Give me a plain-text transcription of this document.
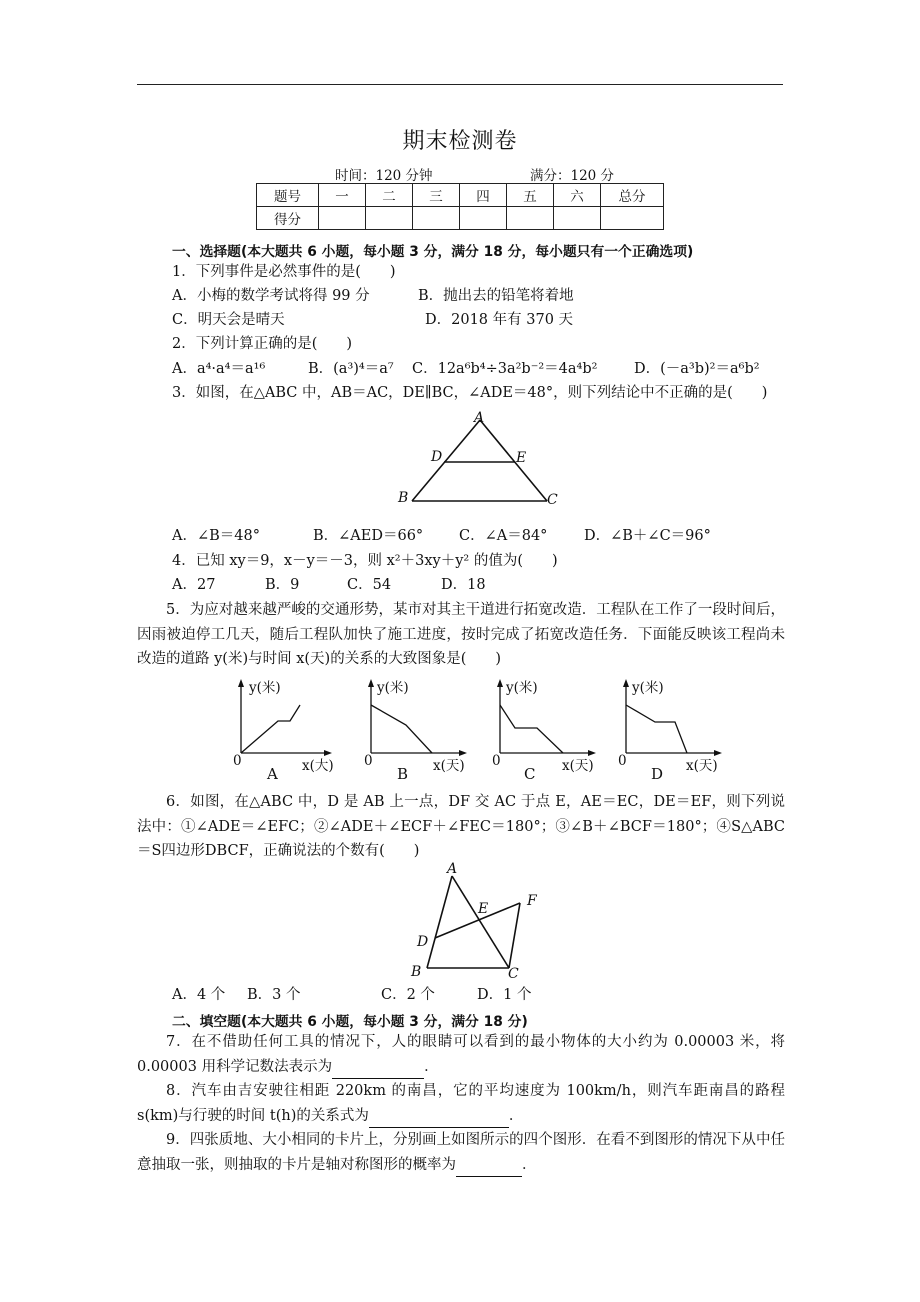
期末检测卷
时间：120 分钟	满分：120 分
题号	一	二	三	四	五	六	总分
得分							
一、选择题(本大题共 6 小题，每小题 3 分，满分 18 分，每小题只有一个正确选项)
1．下列事件是必然事件的是(　　)
A．小梅的数学考试将得 99 分	B．抛出去的铅笔将着地
C．明天会是晴天	D．2018 年有 370 天
2．下列计算正确的是(　　)
A．a⁴·a⁴＝a¹⁶	B．(a³)⁴＝a⁷ C．12a⁶b⁴÷3a²b⁻²＝4a⁴b²	D．(－a³b)²＝a⁶b²
3．如图，在△ABC 中，AB＝AC，DE∥BC，∠ADE＝48°，则下列结论中不正确的是(　　)
A
B	C
D	E
A．∠B＝48°	B．∠AED＝66° C．∠A＝84°	D．∠B＋∠C＝96°
4．已知 xy＝9，x－y＝－3，则 x²＋3xy＋y² 的值为(　　)
A．27	B．9	C．54	D．18
5．为应对越来越严峻的交通形势，某市对其主干道进行拓宽改造．工程队在工作了一段时间后，因雨被迫停工几天，随后工程队加快了施工进度，按时完成了拓宽改造任务．下面能反映该工程尚未改造的道路 y(米)与时间 x(天)的关系的大致图象是(　　)
y(米)
0	x(大)
A
y(米)
0	x(天)
B
y(米)
0	x(天)
C
y(米)
0	x(天)
D
6．如图，在△ABC 中，D 是 AB 上一点，DF 交 AC 于点 E，AE＝EC，DE＝EF，则下列说法中：①∠ADE＝∠EFC；②∠ADE＋∠ECF＋∠FEC＝180°；③∠B＋∠BCF＝180°；④S△ABC＝S四边形DBCF，正确说法的个数有(　　)
A
B	C
D
E	F
A．4 个 B．3 个	C．2 个	D．1 个
二、填空题(本大题共 6 小题，每小题 3 分，满分 18 分)
7．在不借助任何工具的情况下，人的眼睛可以看到的最小物体的大小约为 0.00003 米，将 0.00003 用科学记数法表示为	．
8．汽车由吉安驶往相距 220km 的南昌，它的平均速度为 100km/h，则汽车距南昌的路程 s(km)与行驶的时间 t(h)的关系式为	．
9．四张质地、大小相同的卡片上，分别画上如图所示的四个图形．在看不到图形的情况下从中任意抽取一张，则抽取的卡片是轴对称图形的概率为	．
